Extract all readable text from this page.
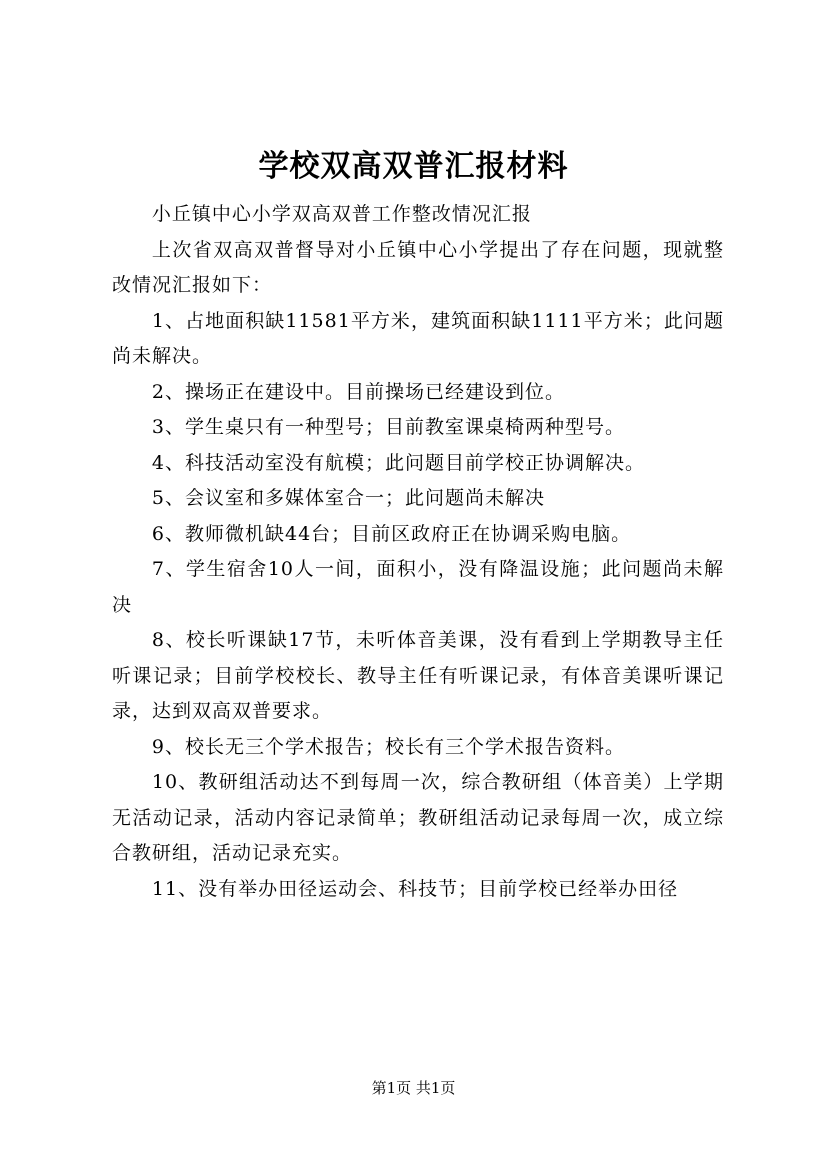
学校双高双普汇报材料

小丘镇中心小学双高双普工作整改情况汇报

上次省双高双普督导对小丘镇中心小学提出了存在问题，现就整改情况汇报如下：

1、占地面积缺11581平方米，建筑面积缺1111平方米；此问题尚未解决。

2、操场正在建设中。目前操场已经建设到位。

3、学生桌只有一种型号；目前教室课桌椅两种型号。

4、科技活动室没有航模；此问题目前学校正协调解决。

5、会议室和多媒体室合一；此问题尚未解决

6、教师微机缺44台；目前区政府正在协调采购电脑。

7、学生宿舍10人一间，面积小，没有降温设施；此问题尚未解决

8、校长听课缺17节，未听体音美课，没有看到上学期教导主任听课记录；目前学校校长、教导主任有听课记录，有体音美课听课记录，达到双高双普要求。

9、校长无三个学术报告；校长有三个学术报告资料。

10、教研组活动达不到每周一次，综合教研组（体音美）上学期无活动记录，活动内容记录简单；教研组活动记录每周一次，成立综合教研组，活动记录充实。

11、没有举办田径运动会、科技节；目前学校已经举办田径

第1页 共1页
